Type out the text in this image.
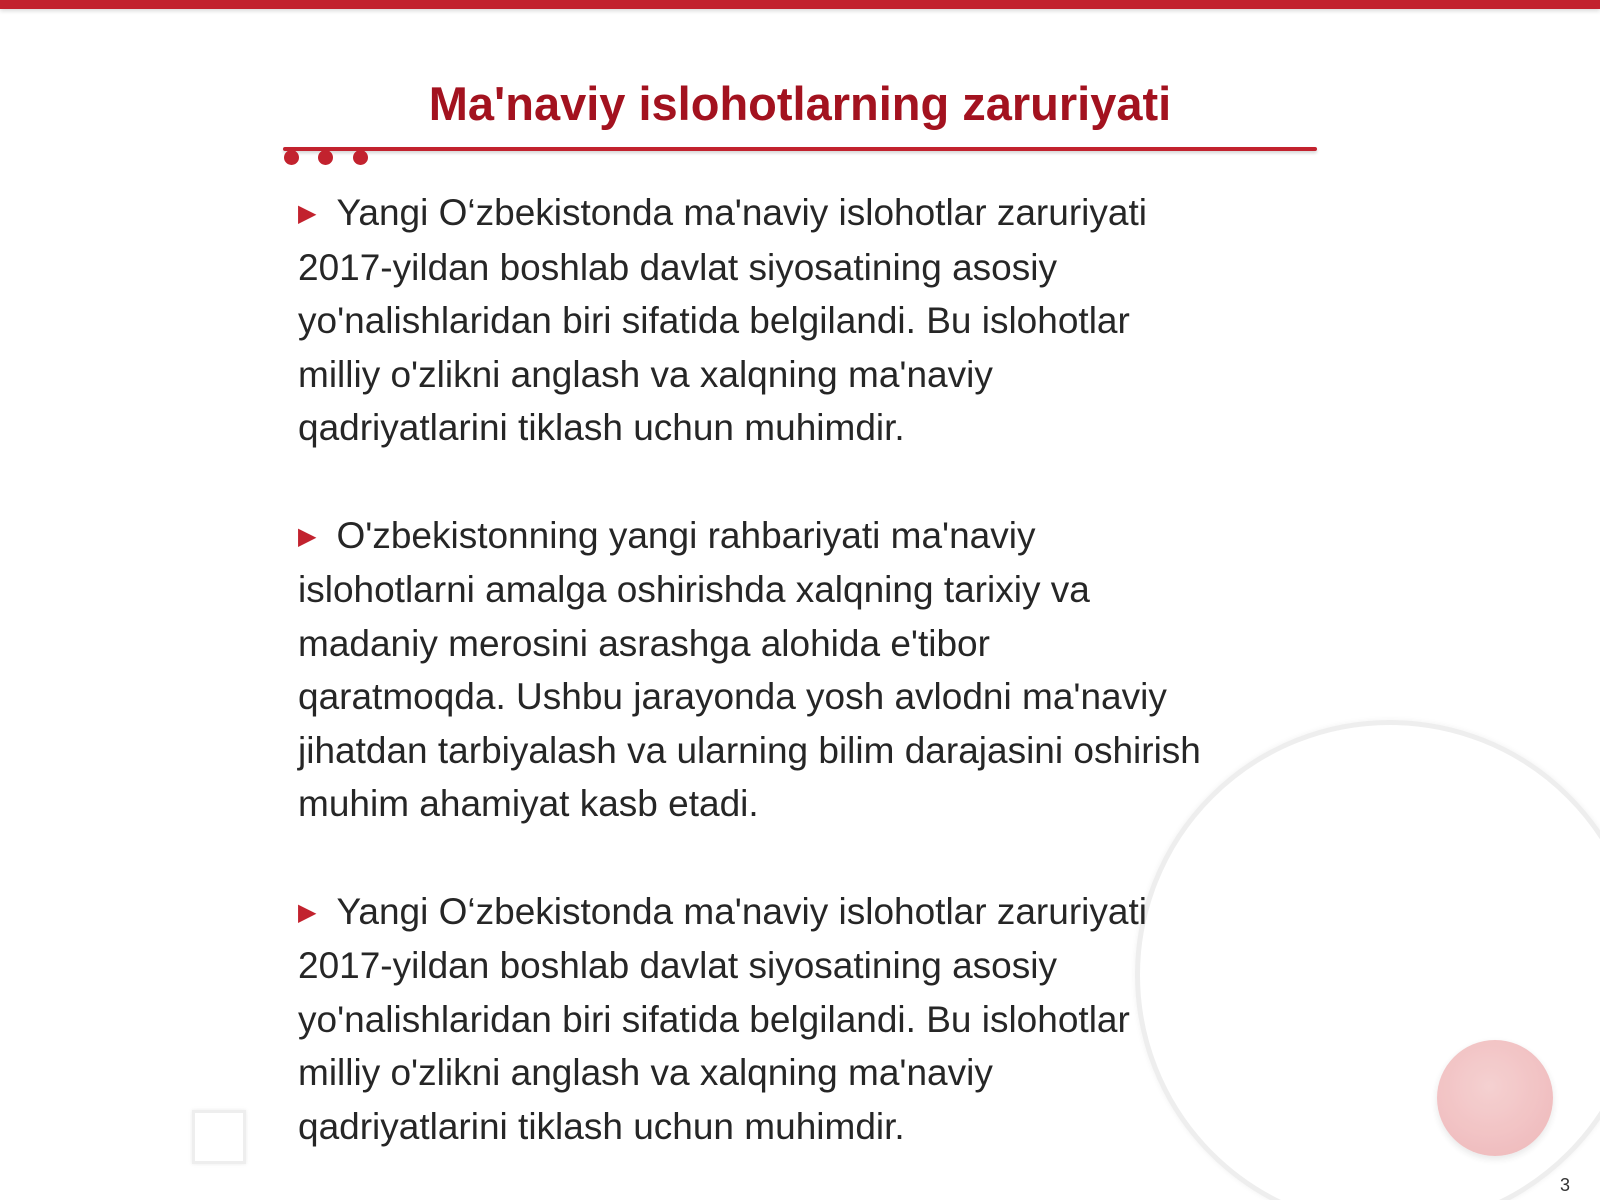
Ma'naviy islohotlarning zaruriyati

▶ Yangi O‘zbekistonda ma'naviy islohotlar zaruriyati
2017-yildan boshlab davlat siyosatining asosiy
yo'nalishlaridan biri sifatida belgilandi. Bu islohotlar
milliy o'zlikni anglash va xalqning ma'naviy
qadriyatlarini tiklash uchun muhimdir.

▶ O'zbekistonning yangi rahbariyati ma'naviy
islohotlarni amalga oshirishda xalqning tarixiy va
madaniy merosini asrashga alohida e'tibor
qaratmoqda. Ushbu jarayonda yosh avlodni ma'naviy
jihatdan tarbiyalash va ularning bilim darajasini oshirish
muhim ahamiyat kasb etadi.

▶ Yangi O‘zbekistonda ma'naviy islohotlar zaruriyati
2017-yildan boshlab davlat siyosatining asosiy
yo'nalishlaridan biri sifatida belgilandi. Bu islohotlar
milliy o'zlikni anglash va xalqning ma'naviy
qadriyatlarini tiklash uchun muhimdir.

3
